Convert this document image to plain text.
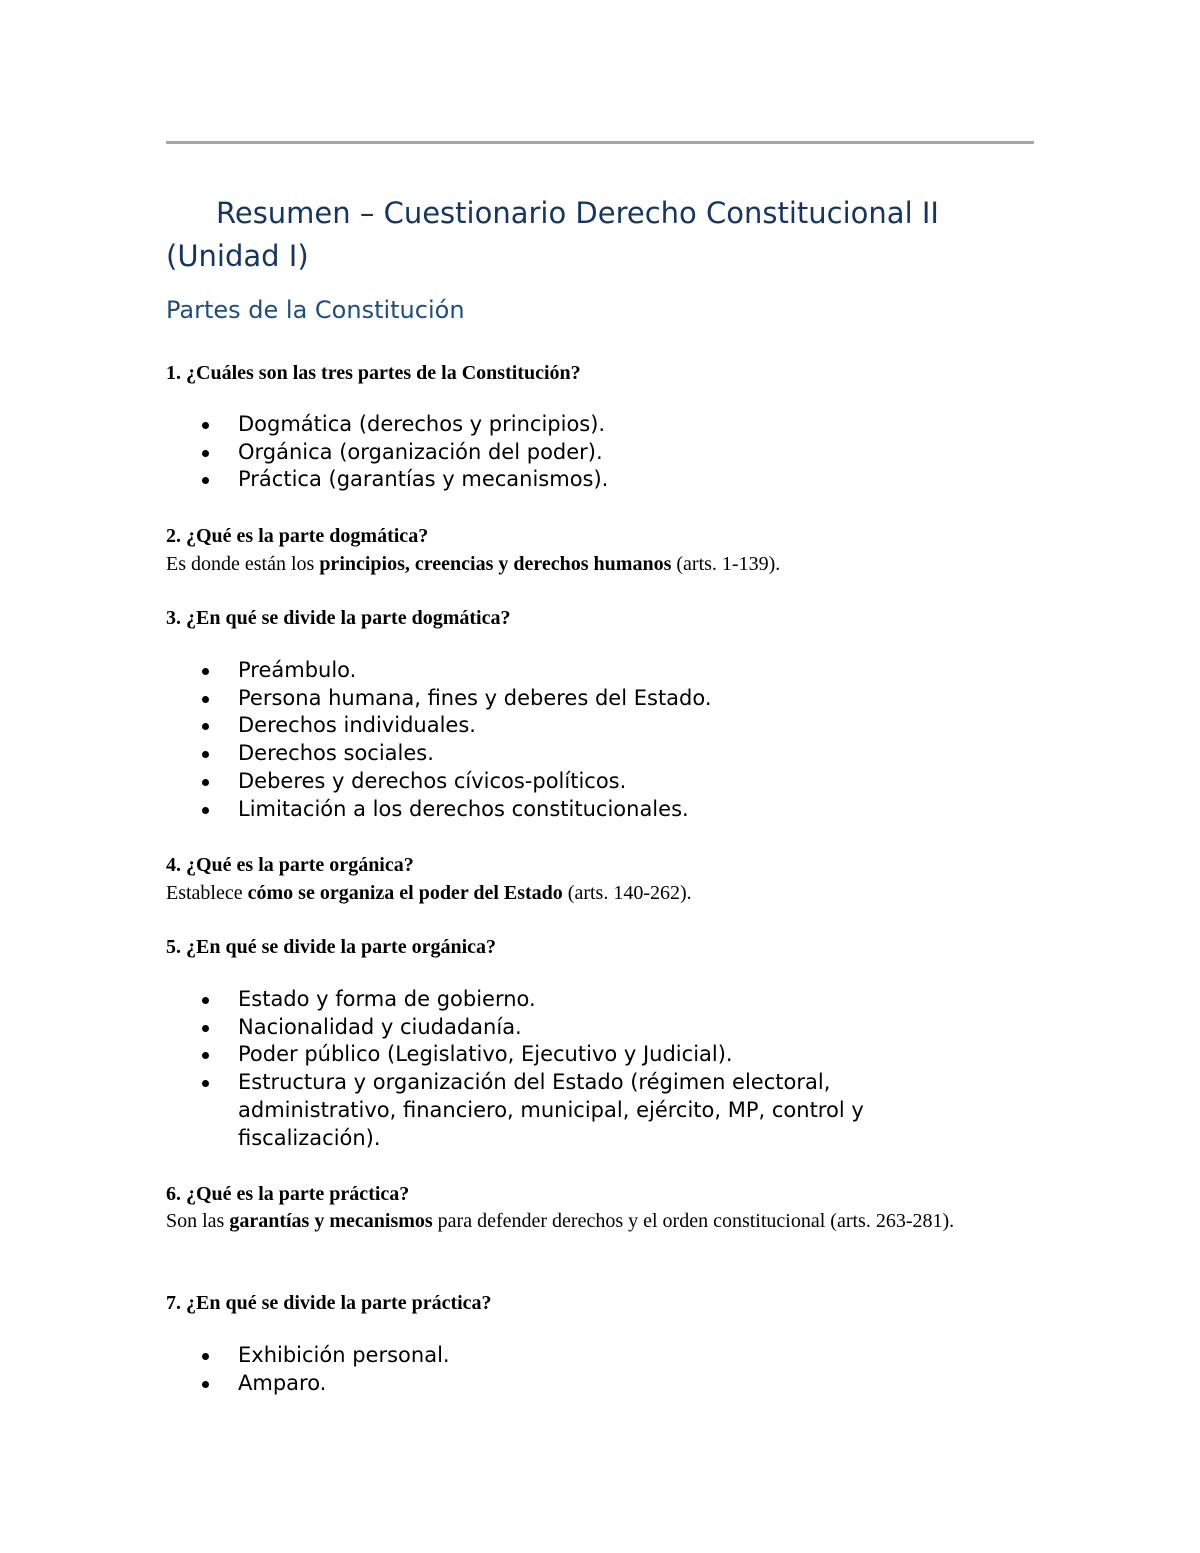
Resumen – Cuestionario Derecho Constitucional II (Unidad I)
Partes de la Constitución

1. ¿Cuáles son las tres partes de la Constitución?

Dogmática (derechos y principios).
Orgánica (organización del poder).
Práctica (garantías y mecanismos).

2. ¿Qué es la parte dogmática?

Es donde están los principios, creencias y derechos humanos (arts. 1-139).

3. ¿En qué se divide la parte dogmática?

Preámbulo.
Persona humana, fines y deberes del Estado.
Derechos individuales.
Derechos sociales.
Deberes y derechos cívicos-políticos.
Limitación a los derechos constitucionales.

4. ¿Qué es la parte orgánica?

Establece cómo se organiza el poder del Estado (arts. 140-262).

5. ¿En qué se divide la parte orgánica?

Estado y forma de gobierno.
Nacionalidad y ciudadanía.
Poder público (Legislativo, Ejecutivo y Judicial).
Estructura y organización del Estado (régimen electoral, administrativo, financiero, municipal, ejército, MP, control y fiscalización).

6. ¿Qué es la parte práctica?

Son las garantías y mecanismos para defender derechos y el orden constitucional (arts. 263-281).

7. ¿En qué se divide la parte práctica?

Exhibición personal.
Amparo.
